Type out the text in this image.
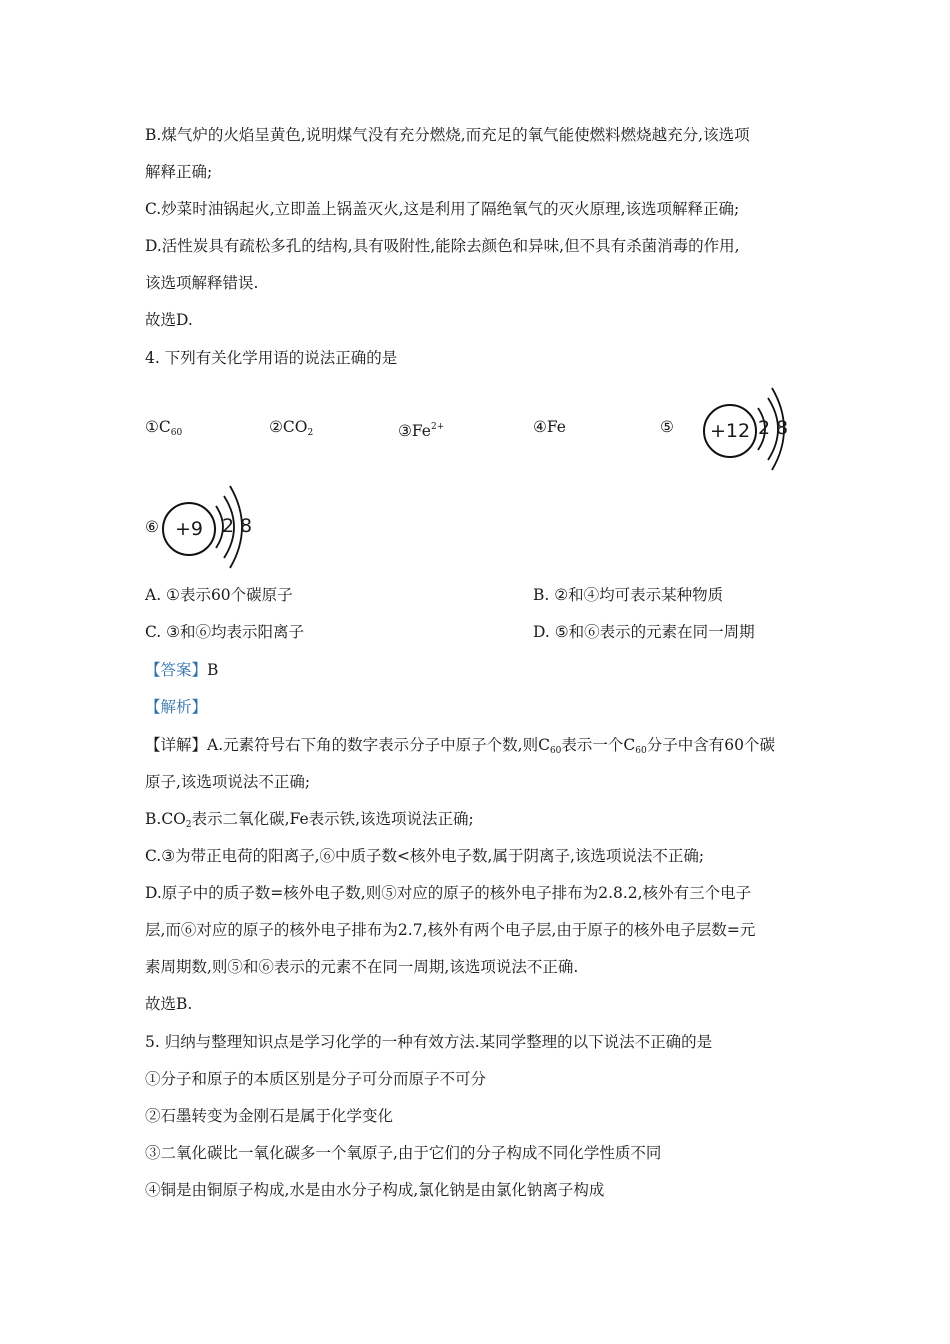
B.煤气炉的火焰呈黄色,说明煤气没有充分燃烧,而充足的氧气能使燃料燃烧越充分,该选项
解释正确;
C.炒菜时油锅起火,立即盖上锅盖灭火,这是利用了隔绝氧气的灭火原理,该选项解释正确;
D.活性炭具有疏松多孔的结构,具有吸附性,能除去颜色和异味,但不具有杀菌消毒的作用,
该选项解释错误.
故选D.
4. 下列有关化学用语的说法正确的是
$①C_{60}$	$②CO_2$	$③Fe^{2+}$	④Fe	⑤	+12 2 8
⑥ +9	2 8
A. ①表示60个碳原子	B. ②和④均可表示某种物质
C. ③和⑥均表示阳离子	D. ⑤和⑥表示的元素在同一周期
【答案】B
【解析】
【详解】A.元素符号右下角的数字表示分子中原子个数,则$C_{60}$表示一个$C_{60}$分子中含有60个碳
原子,该选项说法不正确;
$B.CO_2$表示二氧化碳,Fe表示铁,该选项说法正确;
C.③为带正电荷的阳离子,⑥中质子数<核外电子数,属于阴离子,该选项说法不正确;
D.原子中的质子数=核外电子数,则⑤对应的原子的核外电子排布为2.8.2,核外有三个电子
层,而⑥对应的原子的核外电子排布为2.7,核外有两个电子层,由于原子的核外电子层数=元
素周期数,则⑤和⑥表示的元素不在同一周期,该选项说法不正确.
故选B.
5. 归纳与整理知识点是学习化学的一种有效方法.某同学整理的以下说法不正确的是
①分子和原子的本质区别是分子可分而原子不可分
②石墨转变为金刚石是属于化学变化
③二氧化碳比一氧化碳多一个氧原子,由于它们的分子构成不同化学性质不同
④铜是由铜原子构成,水是由水分子构成,氯化钠是由氯化钠离子构成
